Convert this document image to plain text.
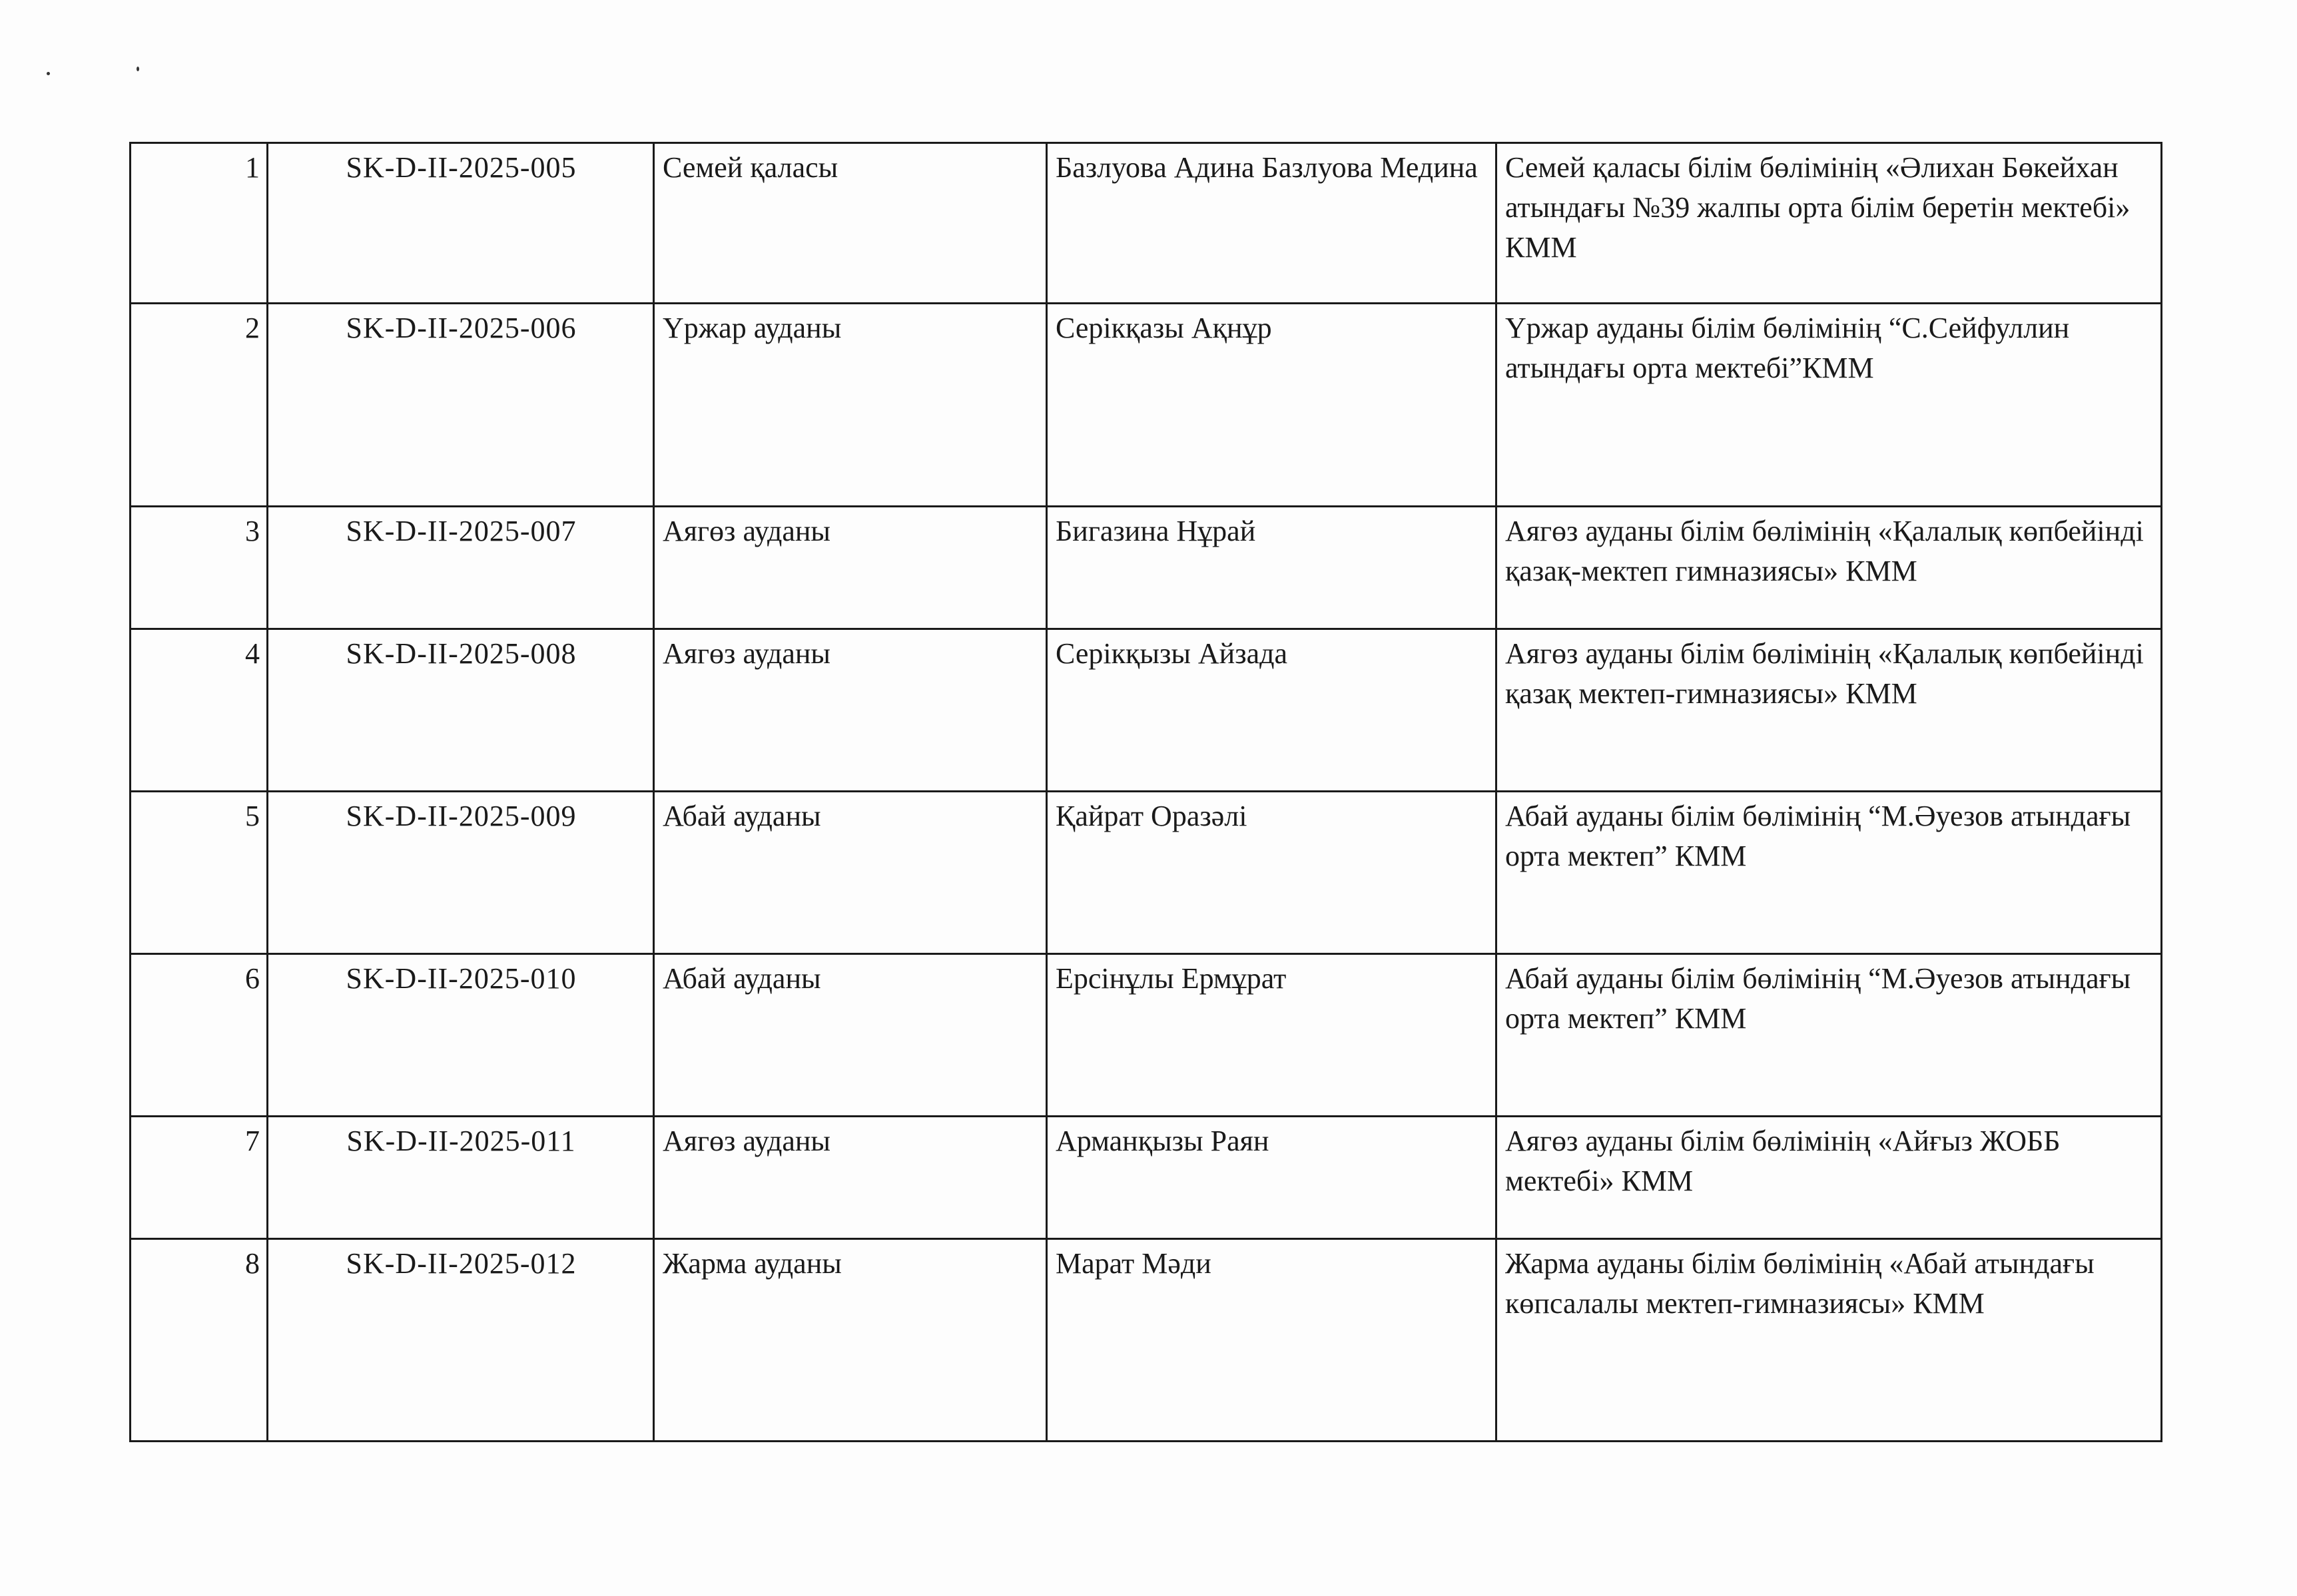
1	SK-D-II-2025-005	Семей қаласы	Базлуова Адина Базлуова Медина	Семей қаласы білім бөлімінің «Әлихан Бөкейхан атындағы №39 жалпы орта білім беретін мектебі» КММ
2	SK-D-II-2025-006	Үржар ауданы	Серікқазы Ақнұр	Үржар ауданы білім бөлімінің “С.Сейфуллин атындағы орта мектебі”КММ
3	SK-D-II-2025-007	Аягөз ауданы	Бигазина Нұрай	Аягөз ауданы білім бөлімінің «Қалалық көпбейінді қазақ-мектеп гимназиясы» КММ
4	SK-D-II-2025-008	Аягөз ауданы	Серікқызы Айзада	Аягөз ауданы білім бөлімінің «Қалалық көпбейінді қазақ мектеп-гимназиясы» КММ
5	SK-D-II-2025-009	Абай ауданы	Қайрат Оразәлі	Абай ауданы білім бөлімінің “М.Әуезов атындағы орта мектеп” КММ
6	SK-D-II-2025-010	Абай ауданы	Ерсінұлы Ермұрат	Абай ауданы білім бөлімінің “М.Әуезов атындағы орта мектеп” КММ
7	SK-D-II-2025-011	Аягөз ауданы	Арманқызы Раян	Аягөз ауданы білім бөлімінің «Айғыз ЖОББ мектебі» КММ
8	SK-D-II-2025-012	Жарма ауданы	Марат Мәди	Жарма ауданы білім бөлімінің «Абай атындағы көпсалалы мектеп-гимназиясы» КММ
